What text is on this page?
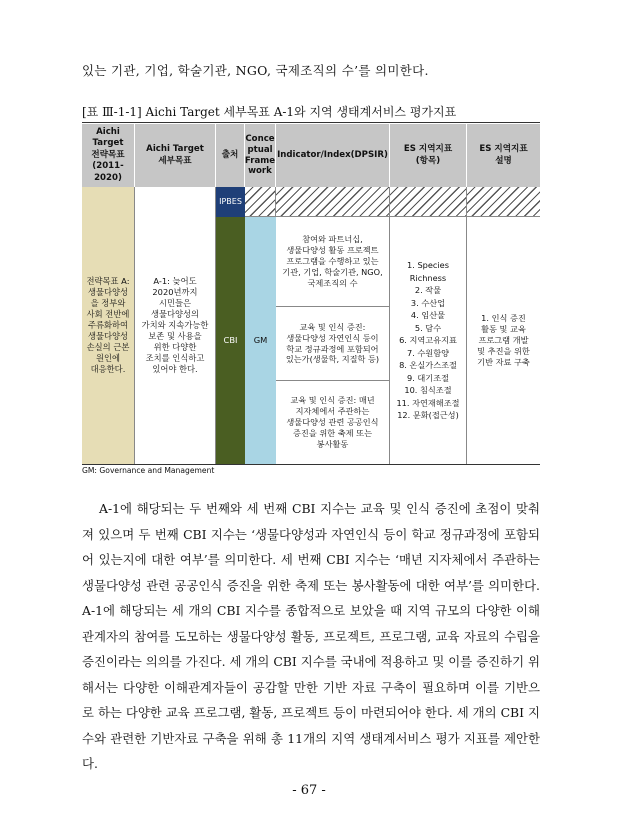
있는 기관, 기업, 학술기관, NGO, 국제조직의 수’를 의미한다.
[표 Ⅲ-1-1] Aichi Target 세부목표 A-1와 지역 생태계서비스 평가지표
Aichi Target
전략목표
(2011-2020)
Aichi Target
세부목표
출처
Conce
ptual
Frame
work
Indicator/Index(DPSIR)
ES 지역지표
(항목)
ES 지역지표
설명
전략목표 A:
생물다양성
을 정부와
사회 전반에
주류화하여
생물다양성
손실의 근본
원인에
대응한다.
A-1: 늦어도
2020년까지
시민들은
생물다양성의
가치와 지속가능한
보존 및 사용을
위한 다양한
조치를 인식하고
있어야 한다.
IPBES
CBI	GM
참여와 파트너십,
생물다양성 활동 프로젝트
프로그램을 수행하고 있는
기관, 기업, 학술기관, NGO,
국제조직의 수
교육 및 인식 증진:
생물다양성 자연인식 등이
학교 정규과정에 포함되어
있는가(생물학, 지질학 등)
교육 및 인식 증진: 매년
지자체에서 주관하는
생물다양성 관련 공공인식
증진을 위한 축제 또는
봉사활동
1. Species
Richness
2. 작물
3. 수산업
4. 임산물
5. 담수
6. 지역고유지표
7. 수원함양
8. 온실가스조절
9. 대기조절
10. 침식조절
11. 자연재해조절
12. 문화(접근성)
1. 인식 증진
활동 및 교육
프로그램 개발
및 추진을 위한
기반 자료 구축
GM: Governance and Management

A-1에 해당되는 두 번째와 세 번째 CBI 지수는 교육 및 인식 증진에 초점이 맞춰져 있으며 두 번째 CBI 지수는 ‘생물다양성과 자연인식 등이 학교 정규과정에 포함되어 있는지에 대한 여부’를 의미한다. 세 번째 CBI 지수는 ‘매년 지자체에서 주관하는 생물다양성 관련 공공인식 증진을 위한 축제 또는 봉사활동에 대한 여부’를 의미한다. A-1에 해당되는 세 개의 CBI 지수를 종합적으로 보았을 때 지역 규모의 다양한 이해관계자의 참여를 도모하는 생물다양성 활동, 프로젝트, 프로그램, 교육 자료의 수립을 증진이라는 의의를 가진다. 세 개의 CBI 지수를 국내에 적용하고 및 이를 증진하기 위해서는 다양한 이해관계자들이 공감할 만한 기반 자료 구축이 필요하며 이를 기반으로 하는 다양한 교육 프로그램, 활동, 프로젝트 등이 마련되어야 한다. 세 개의 CBI 지수와 관련한 기반자료 구축을 위해 총 11개의 지역 생태계서비스 평가 지표를 제안한다.

- 67 -
